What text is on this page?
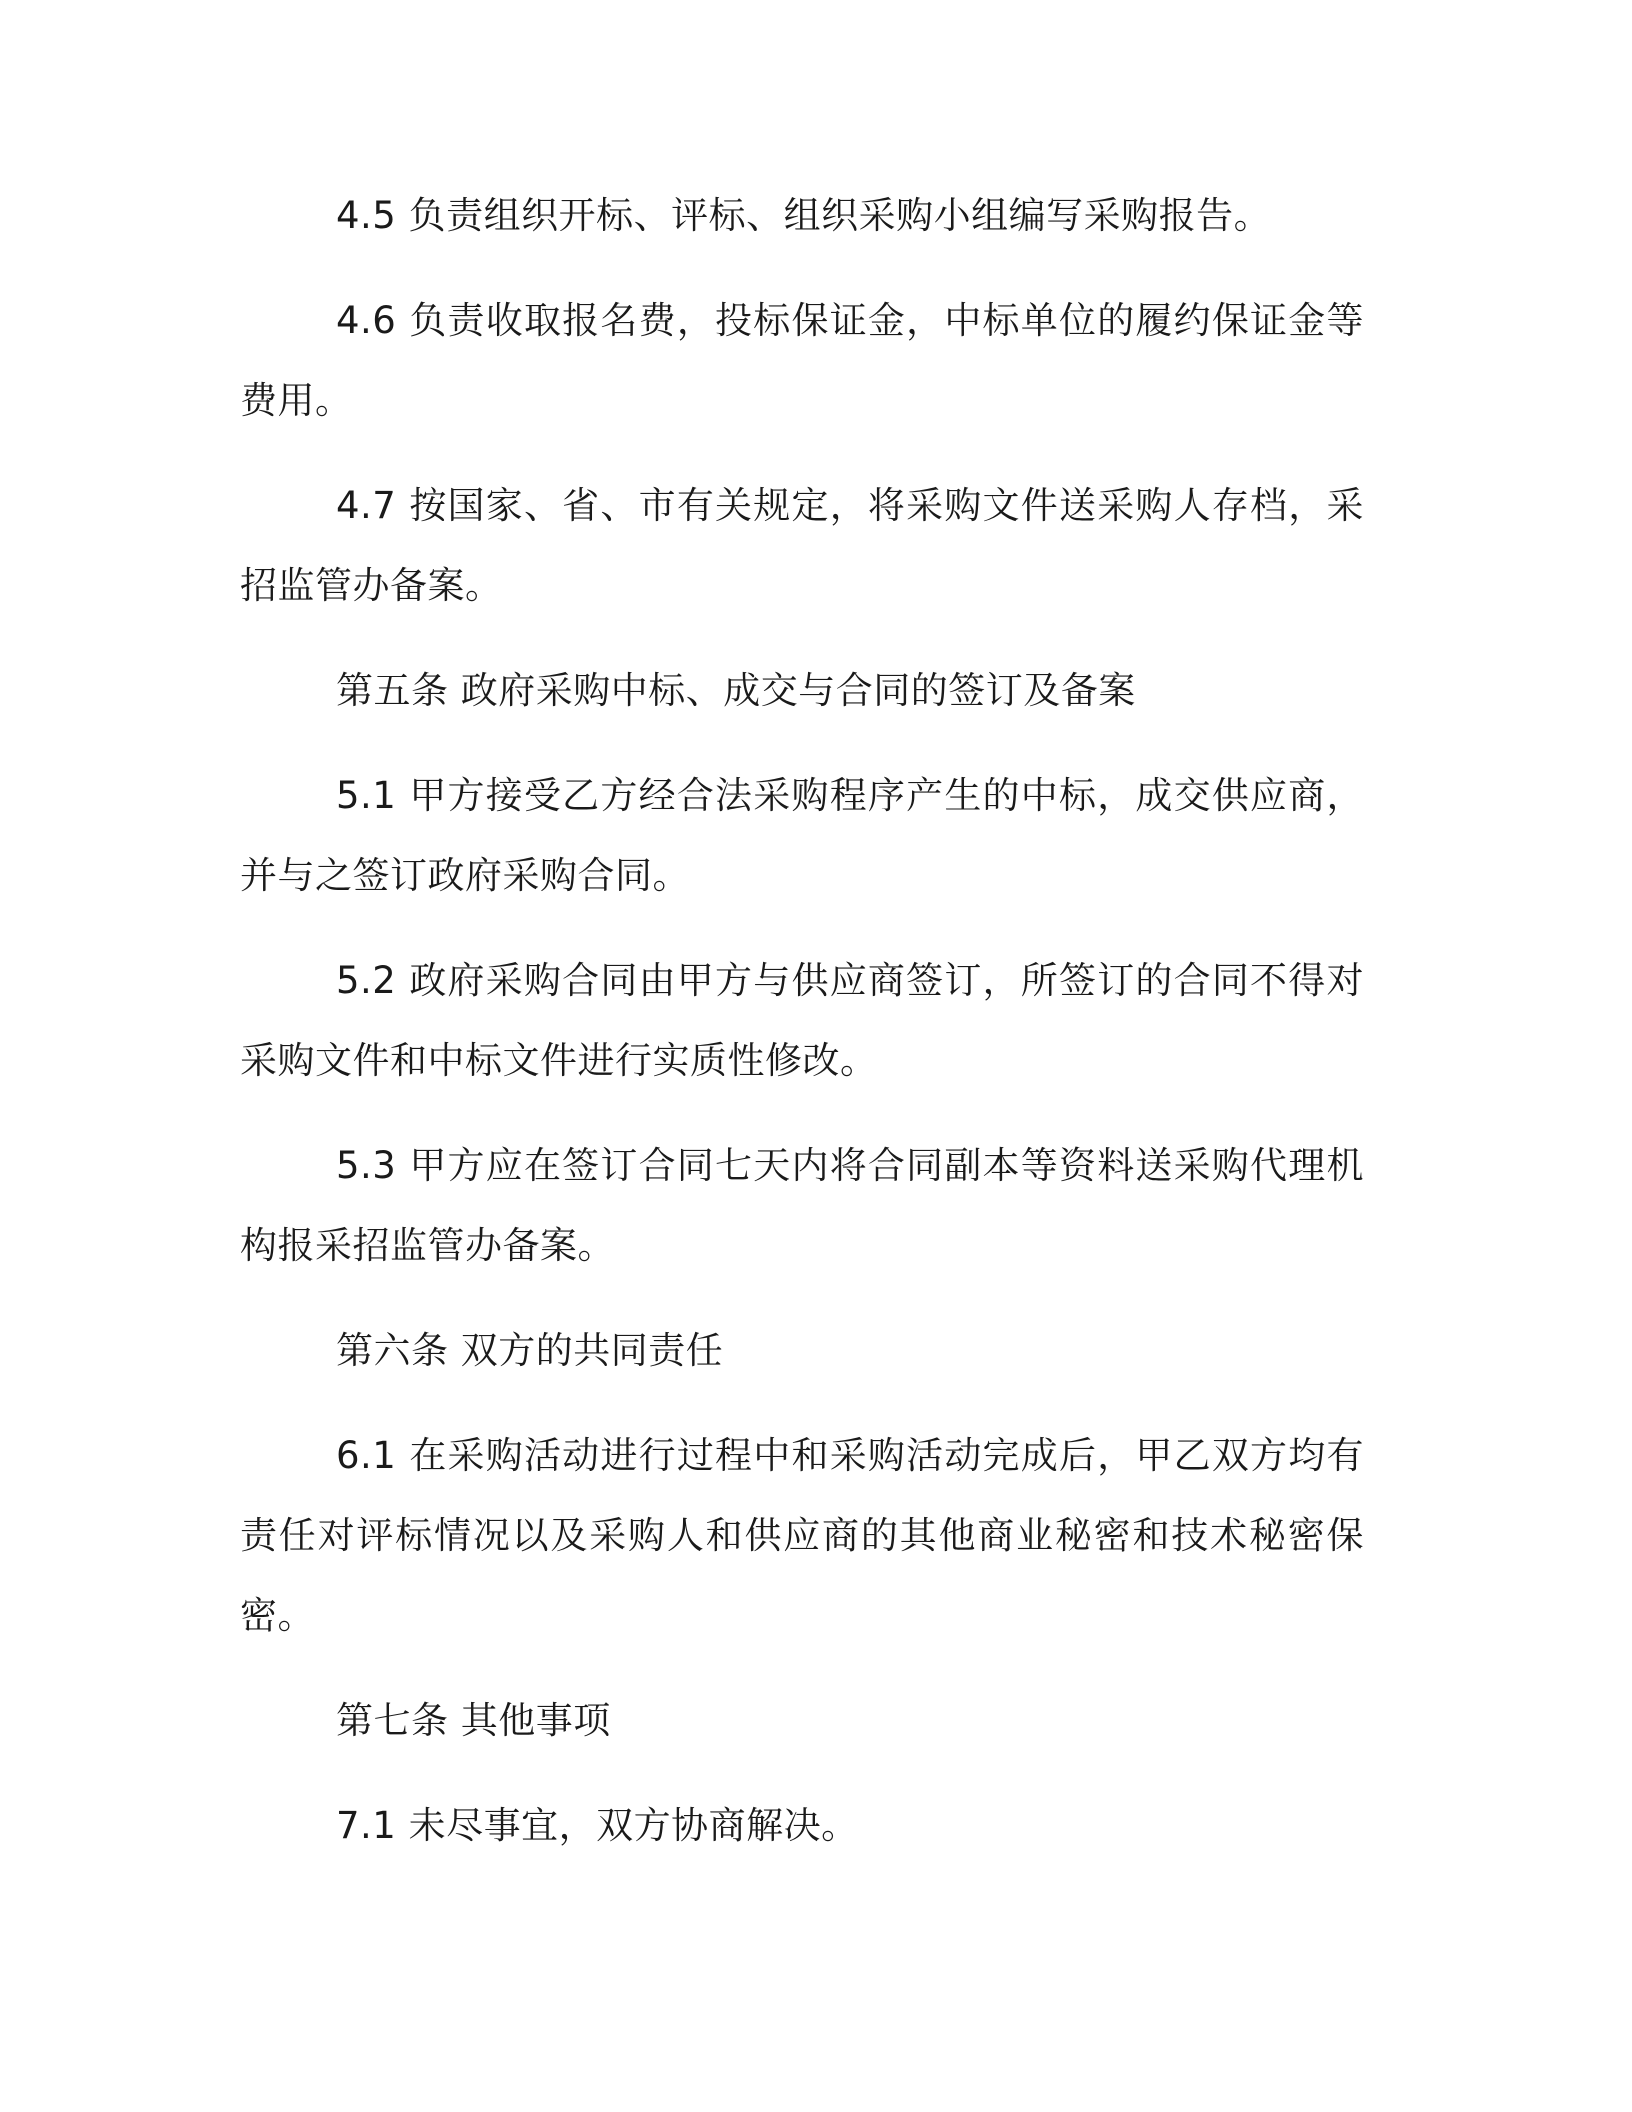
4.5 负责组织开标、评标、组织采购小组编写采购报告。

4.6 负责收取报名费，投标保证金，中标单位的履约保证金等费用。

4.7 按国家、省、市有关规定，将采购文件送采购人存档，采招监管办备案。

第五条 政府采购中标、成交与合同的签订及备案

5.1 甲方接受乙方经合法采购程序产生的中标，成交供应商，并与之签订政府采购合同。

5.2 政府采购合同由甲方与供应商签订，所签订的合同不得对采购文件和中标文件进行实质性修改。

5.3 甲方应在签订合同七天内将合同副本等资料送采购代理机构报采招监管办备案。

第六条 双方的共同责任

6.1 在采购活动进行过程中和采购活动完成后，甲乙双方均有责任对评标情况以及采购人和供应商的其他商业秘密和技术秘密保密。

第七条 其他事项

7.1 未尽事宜，双方协商解决。
